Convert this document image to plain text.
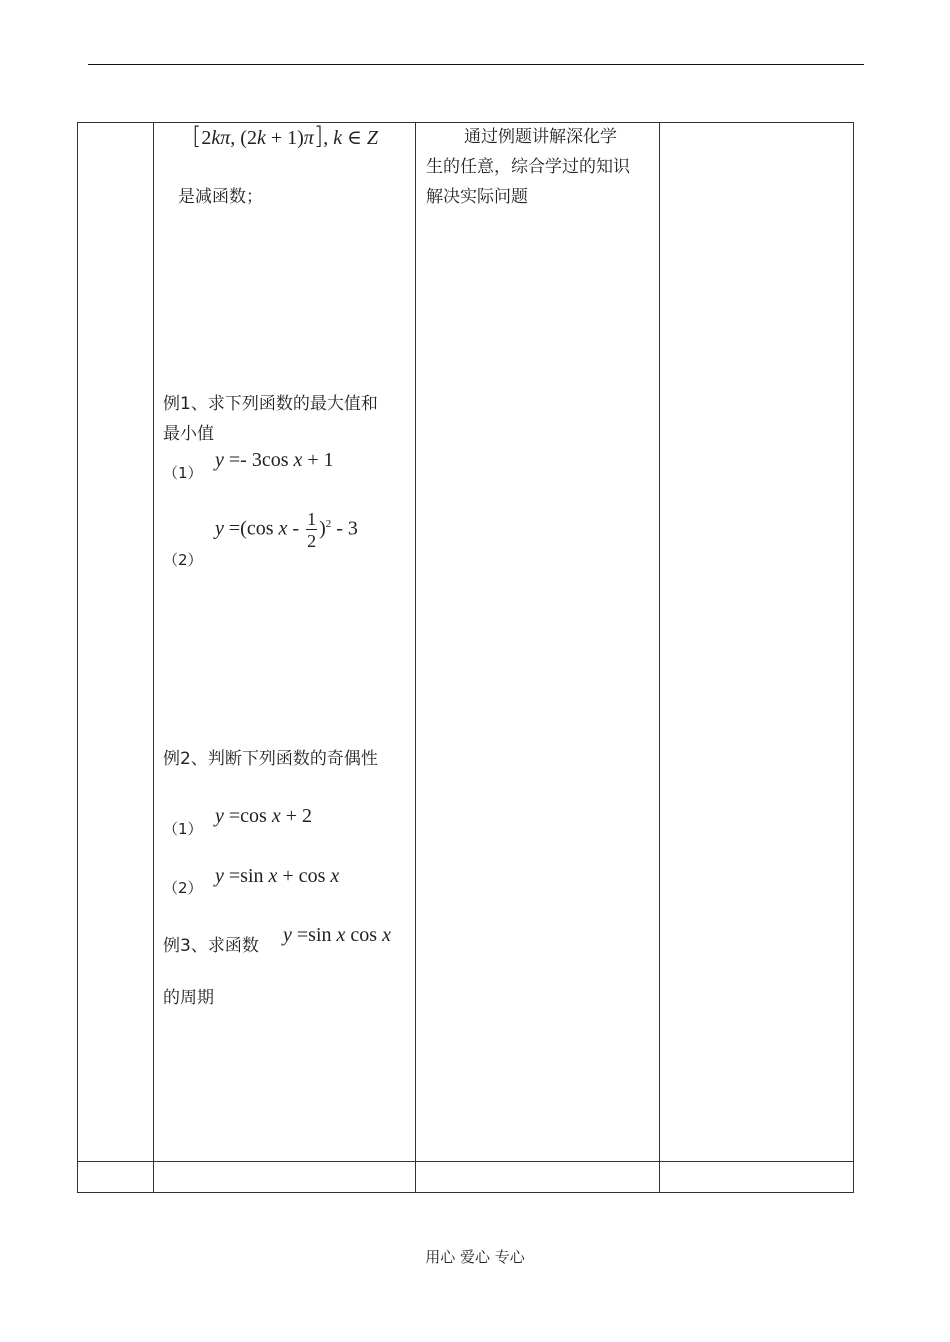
[2kπ, (2k + 1)π], k ∈ Z
是减函数；
例1、求下列函数的最大值和
最小值
（1）
y =- 3cos x + 1
（2）
y =(cos x - $\frac{1}{2} )^2 - 3$
例2、判断下列函数的奇偶性
（1）
y =cos x + 2
（2）
y =sin x + cos x
例3、求函数 y =sin x cos x
的周期
通过例题讲解深化学
生的任意，综合学过的知识
解决实际问题
用心 爱心 专心
